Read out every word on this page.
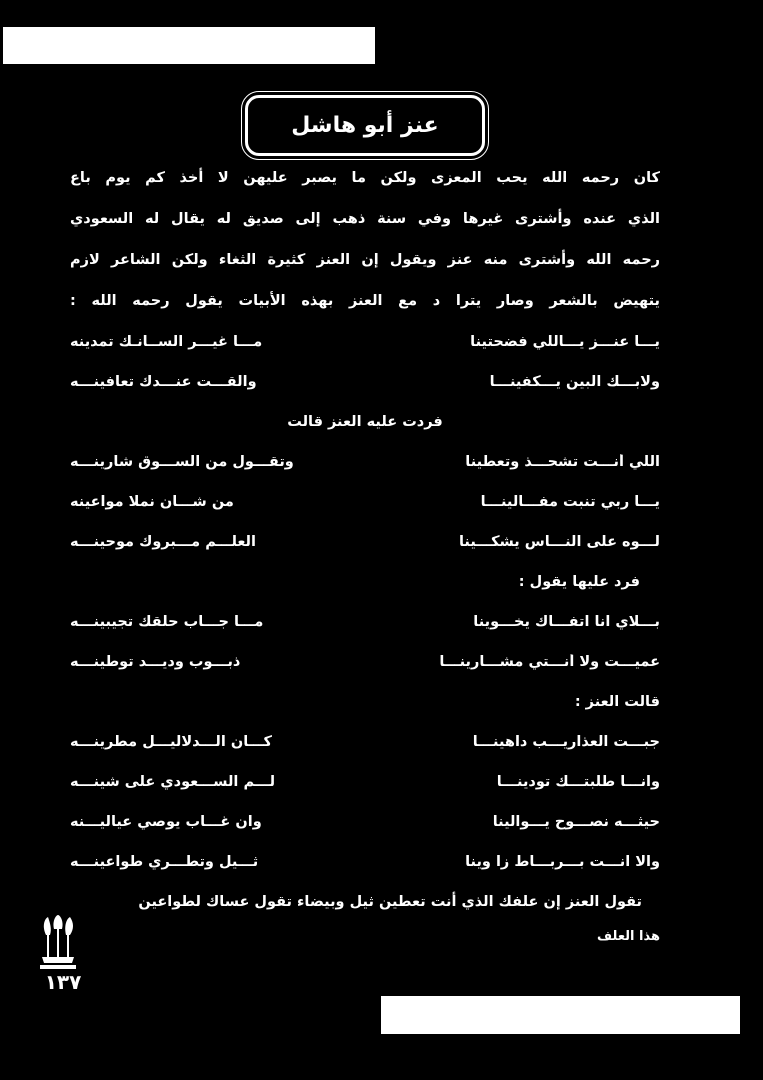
عنز أبو هاشل
كان رحمه الله يحب المعزى ولكن ما يصبر عليهن لا أخذ كم يوم باع
الذي عنده وأشترى غيرها وفي سنة ذهب إلى صديق له يقال له السعودي
رحمه الله وأشترى منه عنز ويقول إن العنز كثيرة الثغاء ولكن الشاعر لازم
يتهيض بالشعر وصار يترا د مع العنز بهذه الأبيات يقول رحمه الله :
يـــا عنـــز يـــاللي فضحتينا
مـــا غيـــر الســانـك تمدينه
ولابـــك البين يـــكفينـــا
والقـــت عنـــدك تعافينـــه
فردت عليه العنز قالت
اللي أنـــت تشحـــذ وتعطينا
وتقـــول من الســـوق شارينـــه
يـــا ربي تنبت مفـــالينـــا
من شـــان نملا مواعينه
لـــوه على النـــاس يشكـــينا
العلـــم مـــبروك موحينـــه
فرد عليها يقول :
بـــلاي انا اتفـــاك يخـــوينا
مـــا جـــاب حلقك تجيبينـــه
عميـــت ولا أنـــتي مشـــارينـــا
ذبـــوب وديـــد توطينـــه
قالت العنز :
جبـــت العذاريـــب داهينـــا
كـــان الـــدلاليـــل مطرينـــه
وانـــا طلبتـــك تودينـــا
لـــم الســـعودي على شينـــه
حيثـــه نصـــوح يـــوالينا
وان غـــاب يوصي عياليـــنه
والا انـــت بـــربـــاط زا وينا
ثـــيل وتطـــري طواعينـــه
تقول العنز إن علفك الذي أنت تعطين ثيل وبيضاء تقول عساك لطواعين
هذا العلف
١٣٧
